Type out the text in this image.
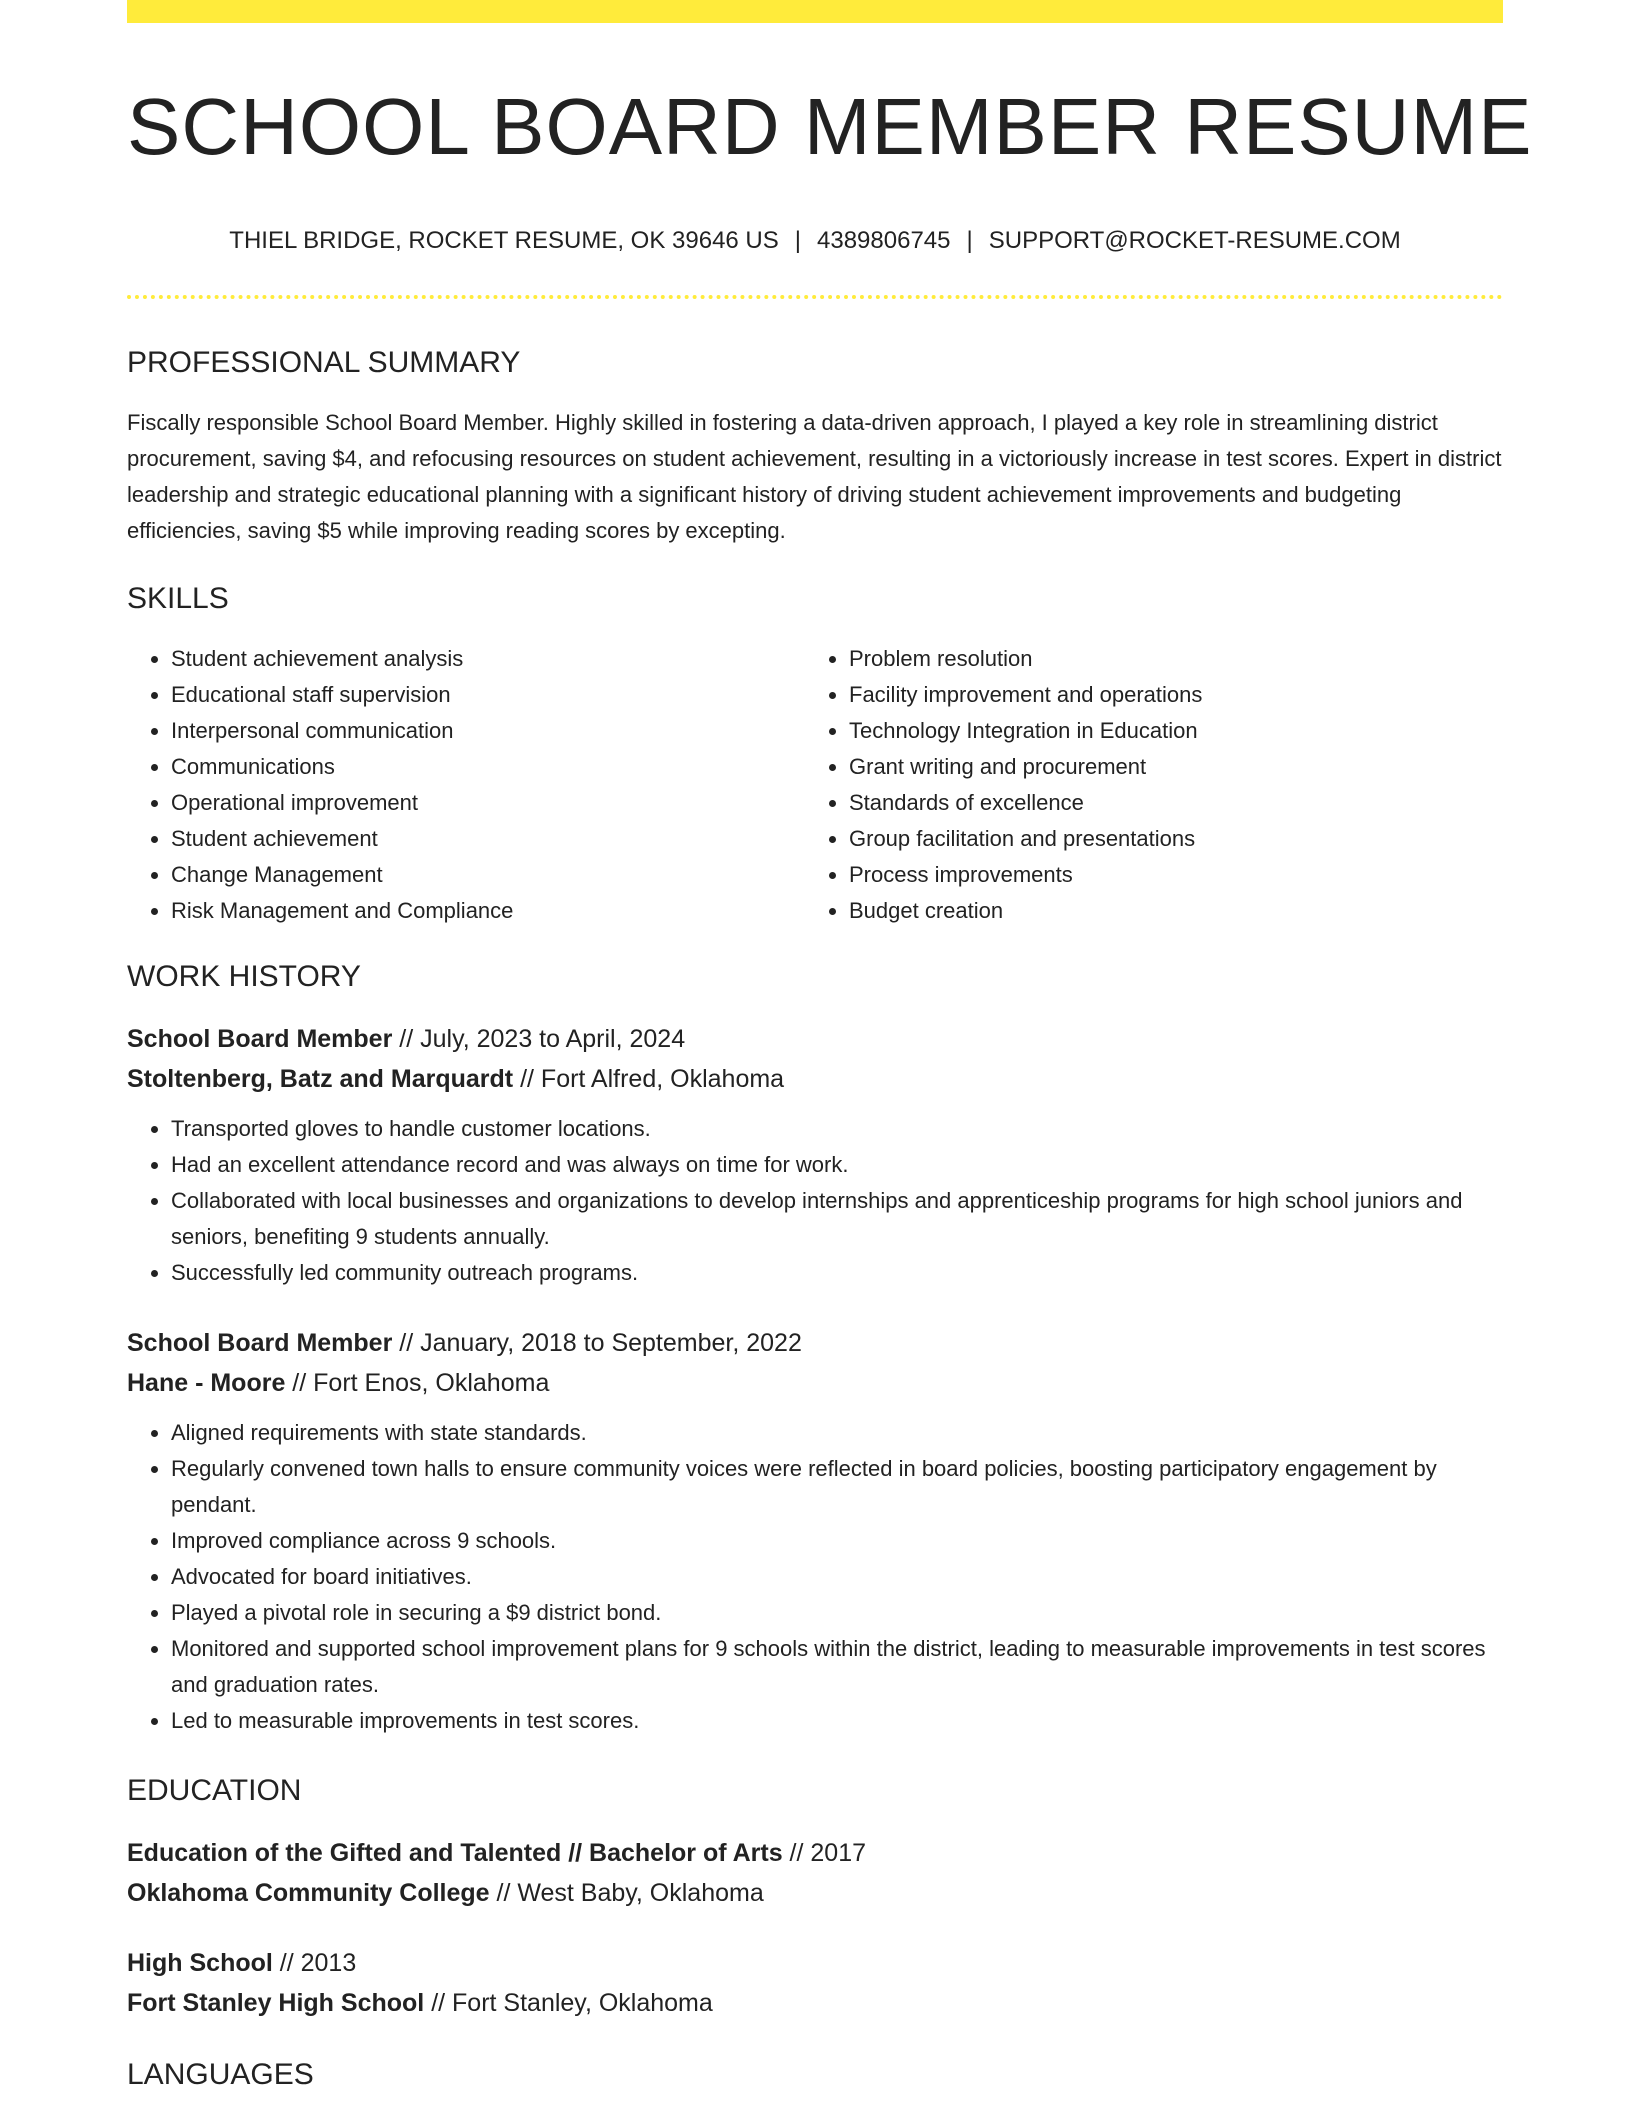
SCHOOL BOARD MEMBER RESUME
THIEL BRIDGE, ROCKET RESUME, OK 39646 US | 4389806745 | SUPPORT@ROCKET-RESUME.COM
PROFESSIONAL SUMMARY

Fiscally responsible School Board Member. Highly skilled in fostering a data-driven approach, I played a key role in streamlining district procurement, saving $4, and refocusing resources on student achievement, resulting in a victoriously increase in test scores. Expert in district leadership and strategic educational planning with a significant history of driving student achievement improvements and budgeting efficiencies, saving $5 while improving reading scores by excepting.

SKILLS
• Student achievement analysis
• Educational staff supervision
• Interpersonal communication
• Communications
• Operational improvement
• Student achievement
• Change Management
• Risk Management and Compliance
• Problem resolution
• Facility improvement and operations
• Technology Integration in Education
• Grant writing and procurement
• Standards of excellence
• Group facilitation and presentations
• Process improvements
• Budget creation
WORK HISTORY
School Board Member // July, 2023 to April, 2024
Stoltenberg, Batz and Marquardt // Fort Alfred, Oklahoma
• Transported gloves to handle customer locations.
• Had an excellent attendance record and was always on time for work.
• Collaborated with local businesses and organizations to develop internships and apprenticeship programs for high school juniors and seniors, benefiting 9 students annually.
• Successfully led community outreach programs.
School Board Member // January, 2018 to September, 2022
Hane - Moore // Fort Enos, Oklahoma
• Aligned requirements with state standards.
• Regularly convened town halls to ensure community voices were reflected in board policies, boosting participatory engagement by pendant.
• Improved compliance across 9 schools.
• Advocated for board initiatives.
• Played a pivotal role in securing a $9 district bond.
• Monitored and supported school improvement plans for 9 schools within the district, leading to measurable improvements in test scores and graduation rates.
• Led to measurable improvements in test scores.
EDUCATION
Education of the Gifted and Talented // Bachelor of Arts // 2017
Oklahoma Community College // West Baby, Oklahoma
High School // 2013
Fort Stanley High School // Fort Stanley, Oklahoma
LANGUAGES
